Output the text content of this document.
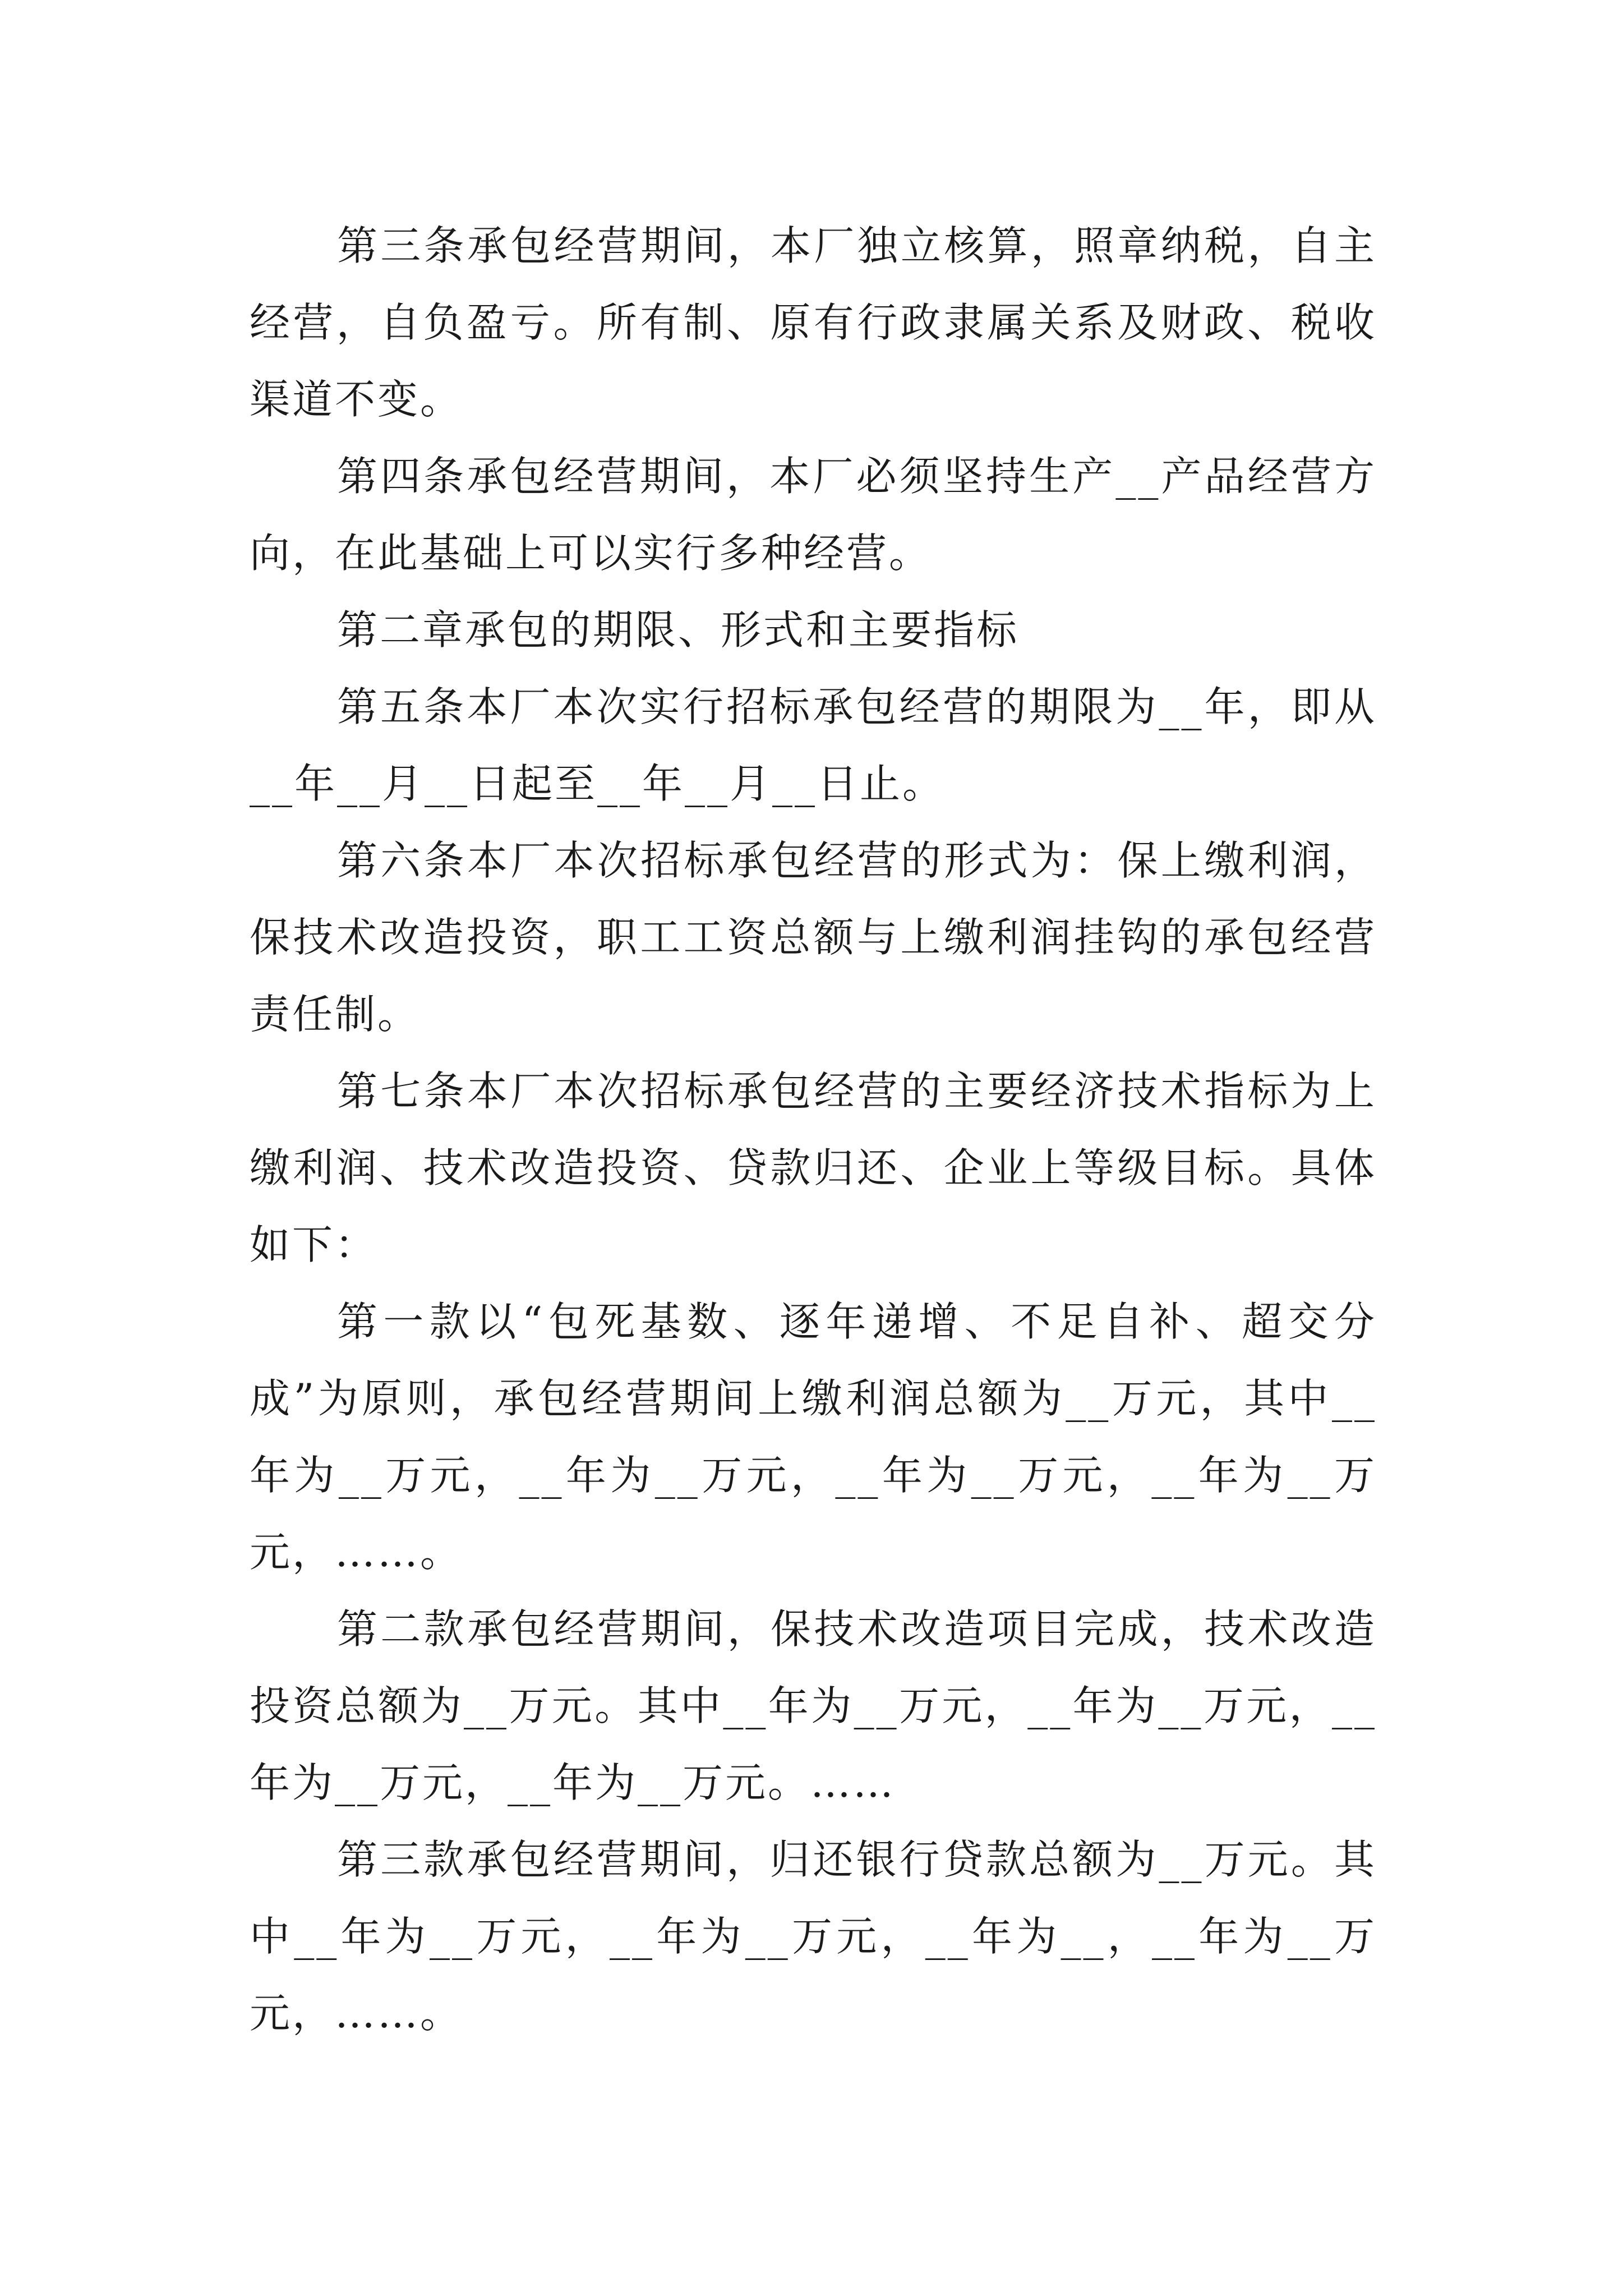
第三条承包经营期间，本厂独立核算，照章纳税，自主经营，自负盈亏。所有制、原有行政隶属关系及财政、税收渠道不变。

第四条承包经营期间，本厂必须坚持生产__产品经营方向，在此基础上可以实行多种经营。

第二章承包的期限、形式和主要指标

第五条本厂本次实行招标承包经营的期限为__年，即从__年__月__日起至__年__月__日止。

第六条本厂本次招标承包经营的形式为：保上缴利润，保技术改造投资，职工工资总额与上缴利润挂钩的承包经营责任制。

第七条本厂本次招标承包经营的主要经济技术指标为上缴利润、技术改造投资、贷款归还、企业上等级目标。具体如下：

第一款以“包死基数、逐年递增、不足自补、超交分成”为原则，承包经营期间上缴利润总额为__万元，其中__年为__万元，__年为__万元，__年为__万元，__年为__万元，……。

第二款承包经营期间，保技术改造项目完成，技术改造投资总额为__万元。其中__年为__万元，__年为__万元，__年为__万元，__年为__万元。……

第三款承包经营期间，归还银行贷款总额为__万元。其中__年为__万元，__年为__万元，__年为__，__年为__万元，……。
